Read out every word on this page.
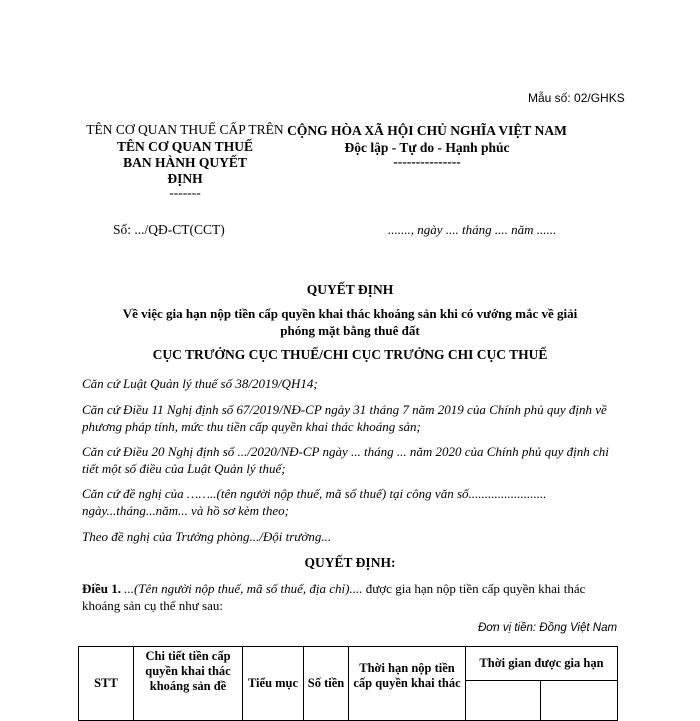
Mẫu số: 02/GHKS
TÊN CƠ QUAN THUẾ CẤP TRÊN
TÊN CƠ QUAN THUẾ BAN HÀNH QUYẾT ĐỊNH
-------
CỘNG HÒA XÃ HỘI CHỦ NGHĨA VIỆT NAM
Độc lập - Tự do - Hạnh phúc
---------------
Số: .../QĐ-CT(CCT)	......., ngày .... tháng .... năm ......
QUYẾT ĐỊNH
Về việc gia hạn nộp tiền cấp quyền khai thác khoáng sản khi có vướng mắc về giải phóng mặt bằng thuê đất
CỤC TRƯỞNG CỤC THUẾ/CHI CỤC TRƯỞNG CHI CỤC THUẾ
Căn cứ Luật Quản lý thuế số 38/2019/QH14;
Căn cứ Điều 11 Nghị định số 67/2019/NĐ-CP ngày 31 tháng 7 năm 2019 của Chính phủ quy định về phương pháp tính, mức thu tiền cấp quyền khai thác khoáng sản;
Căn cứ Điều 20 Nghị định số .../2020/NĐ-CP ngày ... tháng ... năm 2020 của Chính phủ quy định chi tiết một số điều của Luật Quản lý thuế;
Căn cứ đề nghị của ……..(tên người nộp thuế, mã số thuế) tại công văn số........................ ngày...tháng...năm... và hồ sơ kèm theo;
Theo đề nghị của Trưởng phòng.../Đội trưởng...
QUYẾT ĐỊNH:
Điều 1. ...(Tên người nộp thuế, mã số thuế, địa chỉ).... được gia hạn nộp tiền cấp quyền khai thác khoáng sản cụ thể như sau:
Đơn vị tiền: Đồng Việt Nam
STT	Chi tiết tiền cấp quyền khai thác khoáng sản đề	Tiểu mục	Số tiền	Thời hạn nộp tiền cấp quyền khai thác	Thời gian được gia hạn	
